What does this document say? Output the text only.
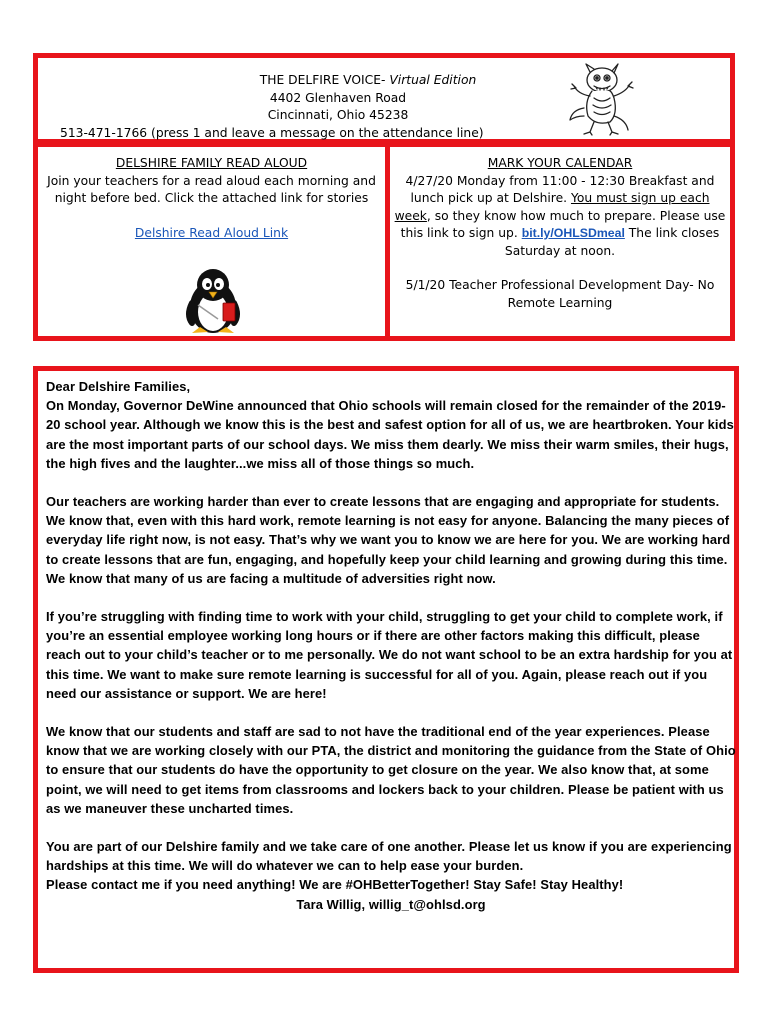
THE DELFIRE VOICE- Virtual Edition
4402 Glenhaven Road
Cincinnati, Ohio 45238
513-471-1766 (press 1 and leave a message on the attendance line)
DELSHIRE FAMILY READ ALOUD
Join your teachers for a read aloud each morning and night before bed. Click the attached link for stories
Delshire Read Aloud Link
MARK YOUR CALENDAR
4/27/20 Monday from 11:00 - 12:30 Breakfast and lunch pick up at Delshire. You must sign up each week, so they know how much to prepare. Please use this link to sign up. bit.ly/OHLSDmeal The link closes Saturday at noon.
5/1/20 Teacher Professional Development Day- No Remote Learning

Dear Delshire Families,

On Monday, Governor DeWine announced that Ohio schools will remain closed for the remainder of the 2019-20 school year. Although we know this is the best and safest option for all of us, we are heartbroken. Your kids are the most important parts of our school days. We miss them dearly. We miss their warm smiles, their hugs, the high fives and the laughter...we miss all of those things so much.

Our teachers are working harder than ever to create lessons that are engaging and appropriate for students. We know that, even with this hard work, remote learning is not easy for anyone. Balancing the many pieces of everyday life right now, is not easy. That’s why we want you to know we are here for you. We are working hard to create lessons that are fun, engaging, and hopefully keep your child learning and growing during this time. We know that many of us are facing a multitude of adversities right now.

If you’re struggling with finding time to work with your child, struggling to get your child to complete work, if you’re an essential employee working long hours or if there are other factors making this difficult, please reach out to your child’s teacher or to me personally. We do not want school to be an extra hardship for you at this time. We want to make sure remote learning is successful for all of you. Again, please reach out if you need our assistance or support. We are here!

We know that our students and staff are sad to not have the traditional end of the year experiences. Please know that we are working closely with our PTA, the district and monitoring the guidance from the State of Ohio to ensure that our students do have the opportunity to get closure on the year. We also know that, at some point, we will need to get items from classrooms and lockers back to your children. Please be patient with us as we maneuver these uncharted times.

You are part of our Delshire family and we take care of one another. Please let us know if you are experiencing hardships at this time. We will do whatever we can to help ease your burden.

Please contact me if you need anything! We are #OHBetterTogether! Stay Safe! Stay Healthy!

Tara Willig, willig_t@ohlsd.org
